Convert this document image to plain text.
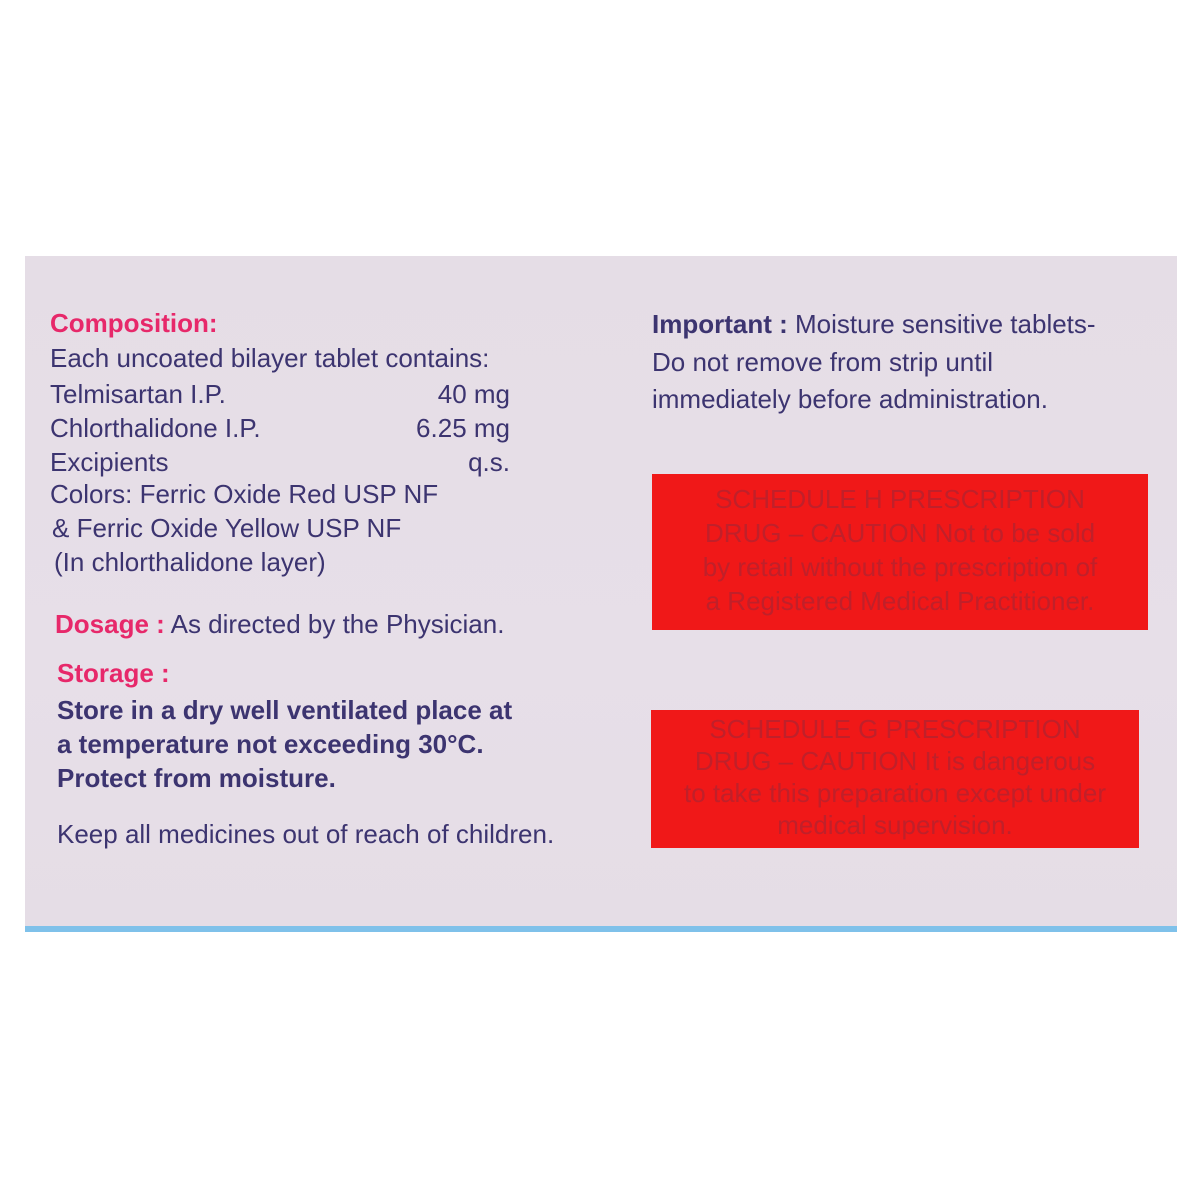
Composition:
Each uncoated bilayer tablet contains:
Telmisartan I.P.	40 mg
Chlorthalidone I.P.	6.25 mg
Excipients	q.s.
Colors: Ferric Oxide Red USP NF
& Ferric Oxide Yellow USP NF
(In chlorthalidone layer)
Dosage : As directed by the Physician.
Storage :
Store in a dry well ventilated place at
a temperature not exceeding 30°C.
Protect from moisture.
Keep all medicines out of reach of children.
Important : Moisture sensitive tablets-
Do not remove from strip until
immediately before administration.
SCHEDULE H PRESCRIPTION
DRUG – CAUTION Not to be sold
by retail without the prescription of
a Registered Medical Practitioner.
SCHEDULE G PRESCRIPTION
DRUG – CAUTION It is dangerous
to take this preparation except under
medical supervision.
